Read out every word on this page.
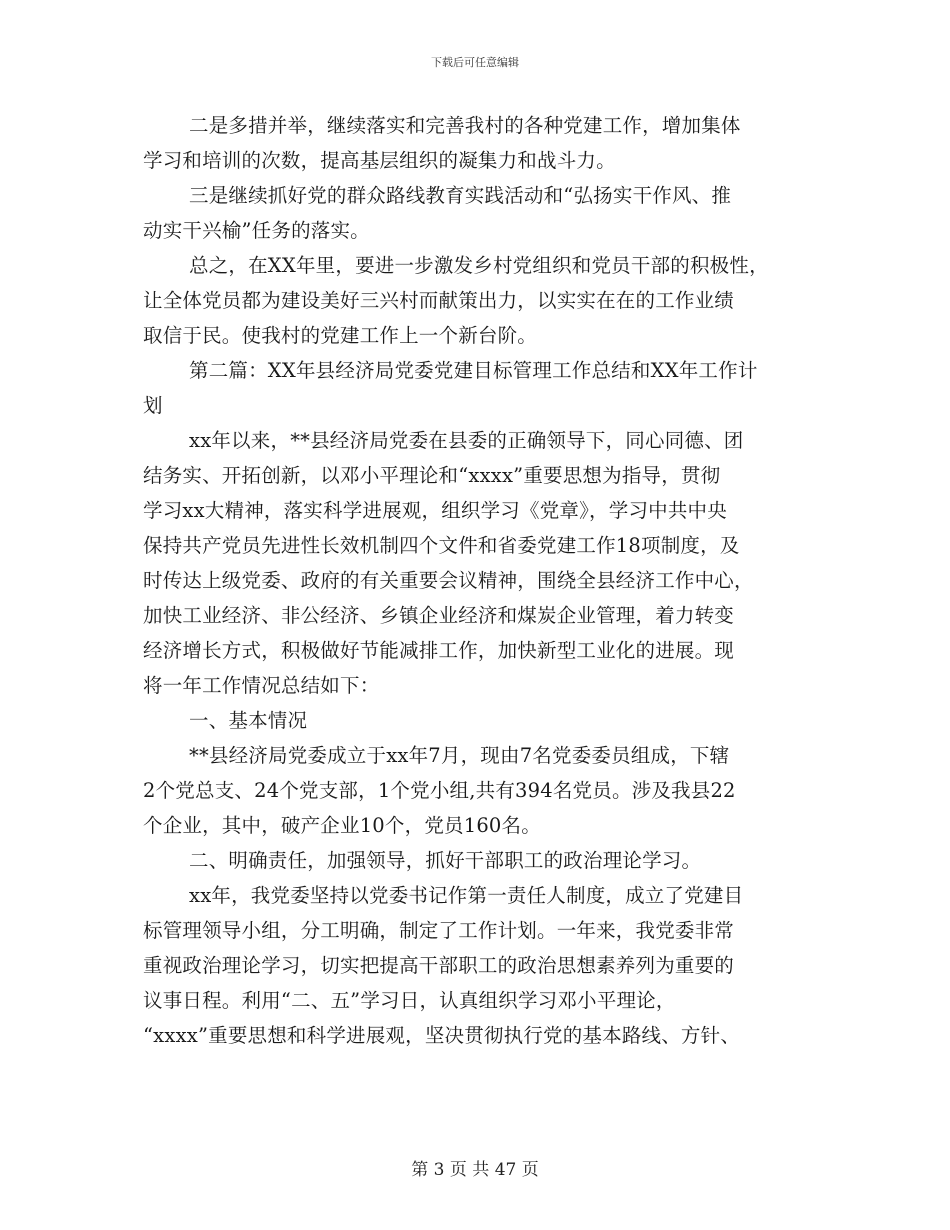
下载后可任意编辑
二是多措并举，继续落实和完善我村的各种党建工作，增加集体
学习和培训的次数，提高基层组织的凝集力和战斗力。
三是继续抓好党的群众路线教育实践活动和“弘扬实干作风、推
动实干兴榆”任务的落实。
总之，在XX年里，要进一步激发乡村党组织和党员干部的积极性，
让全体党员都为建设美好三兴村而献策出力，以实实在在的工作业绩
取信于民。使我村的党建工作上一个新台阶。
第二篇：XX年县经济局党委党建目标管理工作总结和XX年工作计
划
xx年以来，**县经济局党委在县委的正确领导下，同心同德、团
结务实、开拓创新，以邓小平理论和“xxxx”重要思想为指导，贯彻
学习xx大精神，落实科学进展观，组织学习《党章》，学习中共中央
保持共产党员先进性长效机制四个文件和省委党建工作18项制度，及
时传达上级党委、政府的有关重要会议精神，围绕全县经济工作中心，
加快工业经济、非公经济、乡镇企业经济和煤炭企业管理，着力转变
经济增长方式，积极做好节能减排工作，加快新型工业化的进展。现
将一年工作情况总结如下：
一、基本情况
**县经济局党委成立于xx年7月，现由7名党委委员组成，下辖
2个党总支、24个党支部，1个党小组,共有394名党员。涉及我县22
个企业，其中，破产企业10个，党员160名。
二、明确责任，加强领导，抓好干部职工的政治理论学习。
xx年，我党委坚持以党委书记作第一责任人制度，成立了党建目
标管理领导小组，分工明确，制定了工作计划。一年来，我党委非常
重视政治理论学习，切实把提高干部职工的政治思想素养列为重要的
议事日程。利用“二、五”学习日，认真组织学习邓小平理论，
“xxxx”重要思想和科学进展观，坚决贯彻执行党的基本路线、方针、
第 3 页 共 47 页
